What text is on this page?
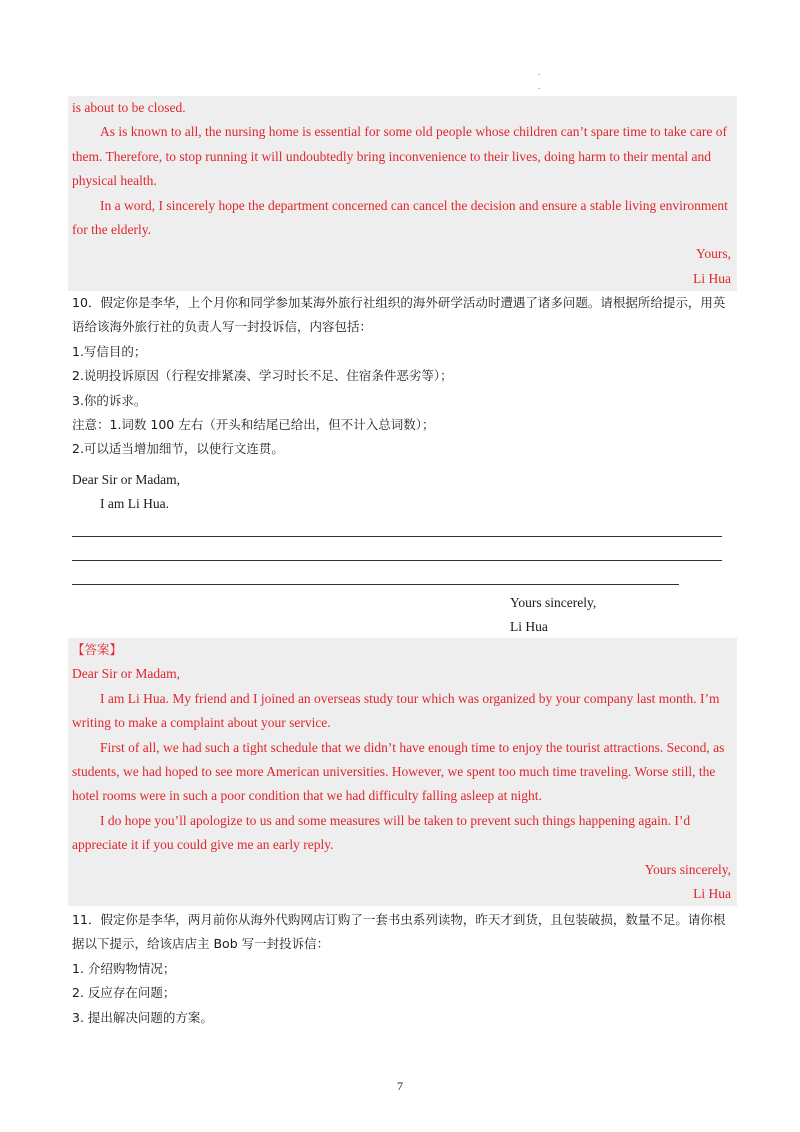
.
.

is about to be closed.

As is known to all, the nursing home is essential for some old people whose children can’t spare time to take care of them. Therefore, to stop running it will undoubtedly bring inconvenience to their lives, doing harm to their mental and physical health.

In a word, I sincerely hope the department concerned can cancel the decision and ensure a stable living environment for the elderly.

Yours,

Li Hua

10．假定你是李华，上个月你和同学参加某海外旅行社组织的海外研学活动时遭遇了诸多问题。请根据所给提示，用英语给该海外旅行社的负责人写一封投诉信，内容包括：

1.写信目的；

2.说明投诉原因（行程安排紧凑、学习时长不足、住宿条件恶劣等）；

3.你的诉求。

注意：1.词数 100 左右（开头和结尾已给出，但不计入总词数）；

2.可以适当增加细节，以使行文连贯。

Dear Sir or Madam,

I am Li Hua.

Yours sincerely,

Li Hua

【答案】

Dear Sir or Madam,

I am Li Hua. My friend and I joined an overseas study tour which was organized by your company last month. I’m writing to make a complaint about your service.

First of all, we had such a tight schedule that we didn’t have enough time to enjoy the tourist attractions. Second, as students, we had hoped to see more American universities. However, we spent too much time traveling. Worse still, the hotel rooms were in such a poor condition that we had difficulty falling asleep at night.

I do hope you’ll apologize to us and some measures will be taken to prevent such things happening again. I’d appreciate it if you could give me an early reply.

Yours sincerely,

Li Hua

11．假定你是李华，两月前你从海外代购网店订购了一套书虫系列读物，昨天才到货，且包装破损，数量不足。请你根据以下提示，给该店店主 Bob 写一封投诉信：

1. 介绍购物情况；

2. 反应存在问题；

3. 提出解决问题的方案。

7
